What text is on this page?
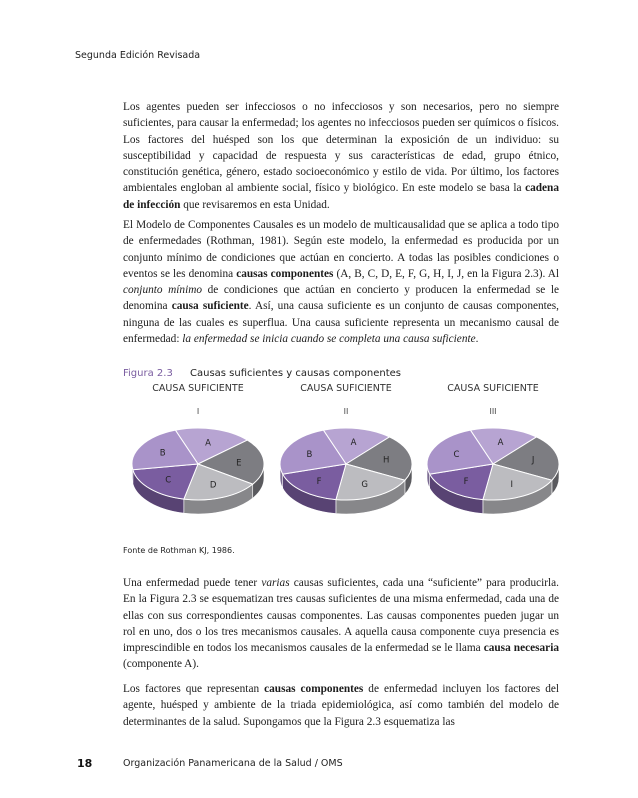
Segunda Edición Revisada

Los agentes pueden ser infecciosos o no infecciosos y son necesarios, pero no siempre suficientes, para causar la enfermedad; los agentes no infecciosos pueden ser químicos o físicos. Los factores del huésped son los que determinan la exposición de un individuo: su susceptibilidad y capacidad de respuesta y sus características de edad, grupo étnico, constitución genética, género, estado socioeconómico y estilo de vida. Por último, los factores ambientales engloban al ambiente social, físico y biológico. En este modelo se basa la cadena de infección que revisaremos en esta Unidad.

El Modelo de Componentes Causales es un modelo de multicausalidad que se aplica a todo tipo de enfermedades (Rothman, 1981). Según este modelo, la enfermedad es producida por un conjunto mínimo de condiciones que actúan en concierto. A todas las posibles condiciones o eventos se les denomina causas componentes (A, B, C, D, E, F, G, H, I, J, en la Figura 2.3). Al conjunto mínimo de condiciones que actúan en concierto y producen la enfermedad se le denomina causa suficiente. Así, una causa suficiente es un conjunto de causas componentes, ninguna de las cuales es superflua. Una causa suficiente representa un mecanismo causal de enfermedad: la enfermedad se inicia cuando se completa una causa suficiente.

Figura 2.3 Causas suficientes y causas componentes
CAUSA SUFICIENTE
I
A
E
D
C
B
CAUSA SUFICIENTE
II
A
H
G
F
B
CAUSA SUFICIENTE
III
A
J
I
F
C
Fonte de Rothman KJ, 1986.

Una enfermedad puede tener varias causas suficientes, cada una “suficiente” para producirla. En la Figura 2.3 se esquematizan tres causas suficientes de una misma enfermedad, cada una de ellas con sus correspondientes causas componentes. Las causas componentes pueden jugar un rol en uno, dos o los tres mecanismos causales. A aquella causa componente cuya presencia es imprescindible en todos los mecanismos causales de la enfermedad se le llama causa necesaria (componente A).

Los factores que representan causas componentes de enfermedad incluyen los factores del agente, huésped y ambiente de la triada epidemiológica, así como también del modelo de determinantes de la salud. Supongamos que la Figura 2.3 esquematiza las

18	Organización Panamericana de la Salud / OMS
